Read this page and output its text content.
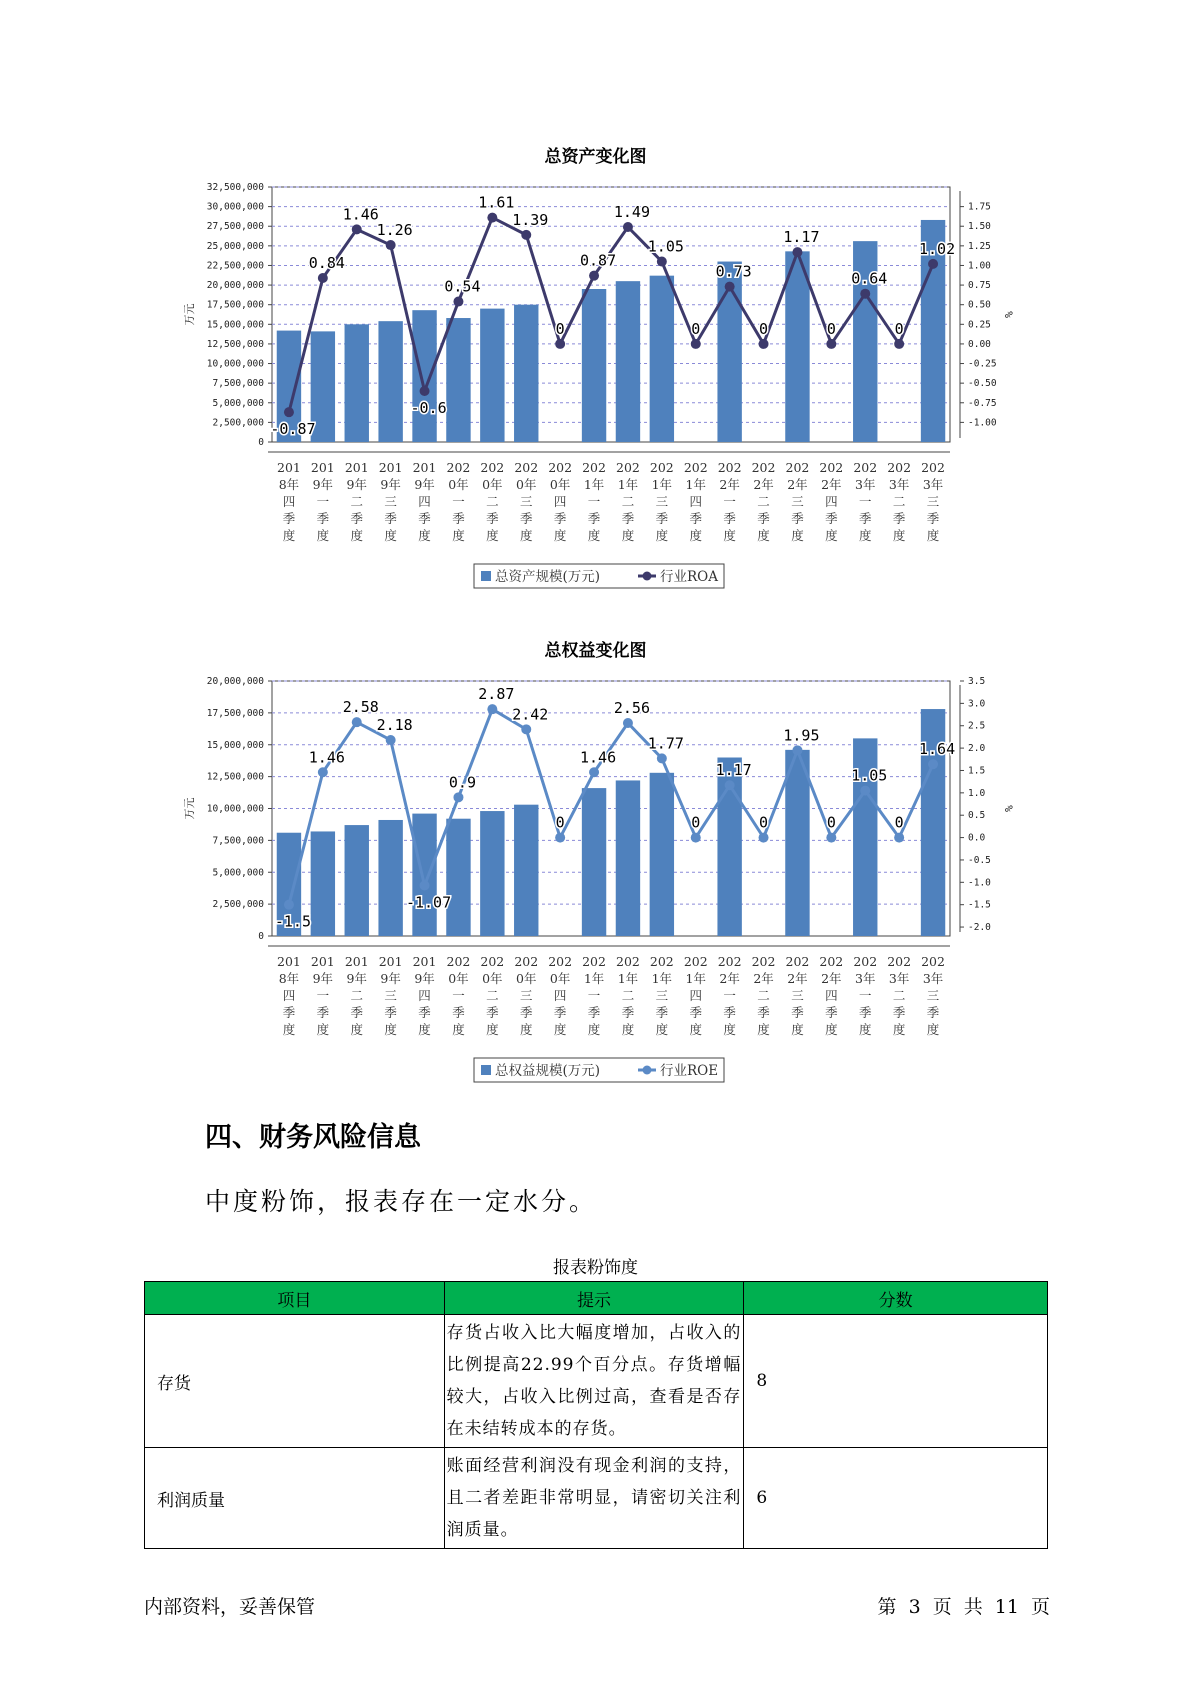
总资产变化图
0
2,500,000
5,000,000
7,500,000
10,000,000
12,500,000
15,000,000
17,500,000
20,000,000
22,500,000
25,000,000
27,500,000
30,000,000
32,500,000
-1.00
-0.75
-0.50
-0.25
0.00
0.25
0.50
0.75
1.00
1.25
1.50
1.75
万元	%
-0.87
0.84
1.46
1.26
-0.6
0.54
1.61
1.39
0
0.87
1.49
1.05
0
0.73
0
1.17
0
0.64
0
1.02
201
8年
四
季
度
201
9年
一
季
度
201
9年
二
季
度
201
9年
三
季
度
201
9年
四
季
度
202
0年
一
季
度
202
0年
二
季
度
202
0年
三
季
度
202
0年
四
季
度
202
1年
一
季
度
202
1年
二
季
度
202
1年
三
季
度
202
1年
四
季
度
202
2年
一
季
度
202
2年
二
季
度
202
2年
三
季
度
202
2年
四
季
度
202
3年
一
季
度
202
3年
二
季
度
202
3年
三
季
度
总资产规模(万元)	行业ROA
总权益变化图
0
2,500,000
5,000,000
7,500,000
10,000,000
12,500,000
15,000,000
17,500,000
20,000,000
-2.0
-1.5
-1.0
-0.5
0.0
0.5
1.0
1.5
2.0
2.5
3.0
3.5
万元	%
-1.5
1.46
2.58
2.18
-1.07
0.9
2.87
2.42
0
1.46
2.56
1.77
0
1.17
0
1.95
0
1.05
0
1.64
201
8年
四
季
度
201
9年
一
季
度
201
9年
二
季
度
201
9年
三
季
度
201
9年
四
季
度
202
0年
一
季
度
202
0年
二
季
度
202
0年
三
季
度
202
0年
四
季
度
202
1年
一
季
度
202
1年
二
季
度
202
1年
三
季
度
202
1年
四
季
度
202
2年
一
季
度
202
2年
二
季
度
202
2年
三
季
度
202
2年
四
季
度
202
3年
一
季
度
202
3年
二
季
度
202
3年
三
季
度
总权益规模(万元)	行业ROE
四、财务风险信息
中度粉饰，报表存在一定水分。
报表粉饰度
项目	提示	分数
存货	存货占收入比大幅度增加，占收入的比例提高22.99个百分点。存货增幅较大，占收入比例过高，查看是否存在未结转成本的存货。	8
利润质量	账面经营利润没有现金利润的支持，且二者差距非常明显，请密切关注利润质量。	6
内部资料，妥善保管	第 3 页 共 11 页
